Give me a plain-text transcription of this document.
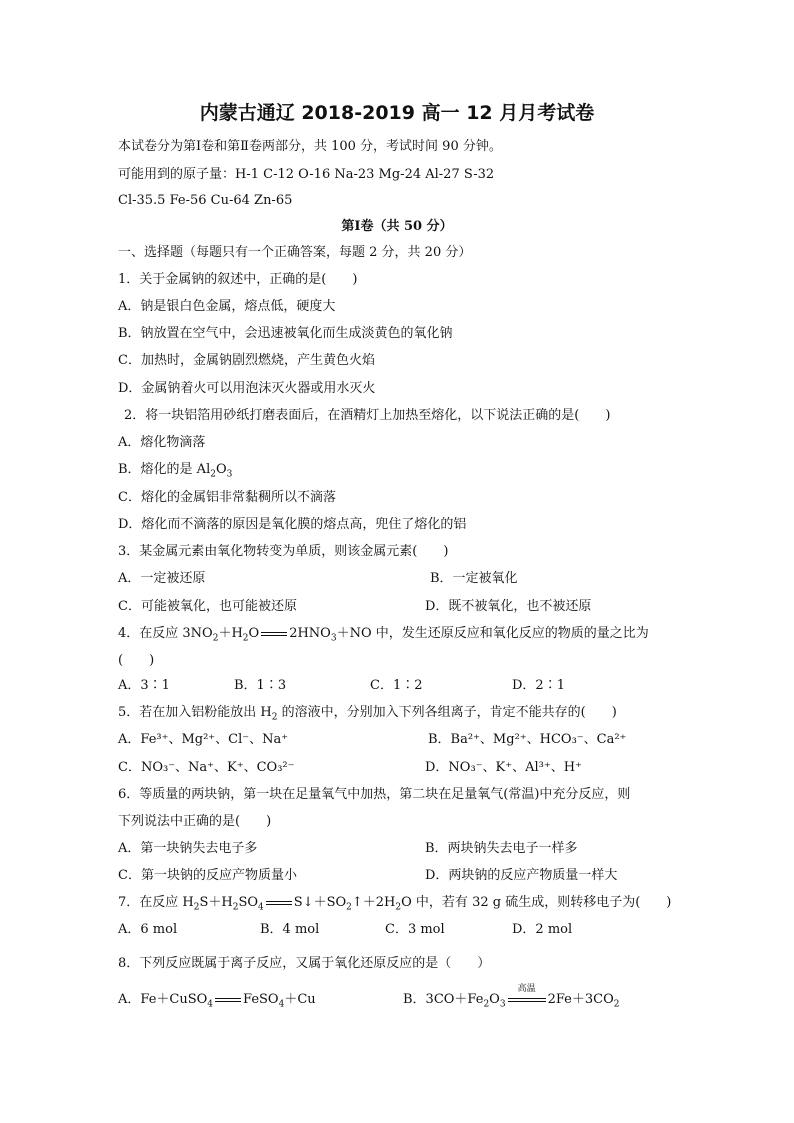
内蒙古通辽 2018-2019 高一 12 月月考试卷
本试卷分为第Ⅰ卷和第Ⅱ卷两部分，共 100 分，考试时间 90 分钟。
可能用到的原子量：H-1 C-12 O-16 Na-23 Mg-24 Al-27 S-32
Cl-35.5 Fe-56 Cu-64 Zn-65
第Ⅰ卷（共 50 分）
一、选择题（每题只有一个正确答案，每题 2 分，共 20 分）
1．关于金属钠的叙述中，正确的是(　　)
A．钠是银白色金属，熔点低，硬度大
B．钠放置在空气中，会迅速被氧化而生成淡黄色的氧化钠
C．加热时，金属钠剧烈燃烧，产生黄色火焰
D．金属钠着火可以用泡沫灭火器或用水灭火
2．将一块铝箔用砂纸打磨表面后，在酒精灯上加热至熔化，以下说法正确的是(　　)
A．熔化物滴落
B．熔化的是 $Al_2O_3$
C．熔化的金属铝非常黏稠所以不滴落
D．熔化而不滴落的原因是氧化膜的熔点高，兜住了熔化的铝
3．某金属元素由氧化物转变为单质，则该金属元素(　　)
A．一定被还原	B．一定被氧化
C．可能被氧化，也可能被还原	D．既不被氧化，也不被还原
4．在反应 $3NO_2+H_2O$ $2HNO_3+NO$ 中，发生还原反应和氧化反应的物质的量之比为
(　　)
A．3∶1	B．1∶3	C．1∶2	D．2∶1
5．若在加入铝粉能放出 $H_2$ 的溶液中，分别加入下列各组离子，肯定不能共存的(　　)
A．Fe³⁺、Mg²⁺、Cl⁻、Na⁺	B．Ba²⁺、Mg²⁺、HCO₃⁻、Ca²⁺
C．NO₃⁻、Na⁺、K⁺、CO₃²⁻	D．NO₃⁻、K⁺、Al³⁺、H⁺
6．等质量的两块钠，第一块在足量氧气中加热，第二块在足量氧气(常温)中充分反应，则
下列说法中正确的是(　　)
A．第一块钠失去电子多	B．两块钠失去电子一样多
C．第一块钠的反应产物质量小	D．两块钠的反应产物质量一样大
7．在反应 $H_2S+H_2SO_4$ $S↓+SO_2↑+2H_2O$ 中，若有 32 g 硫生成，则转移电子为(　　)
A．6 mol	B．4 mol	C．3 mol	D．2 mol
8．下列反应既属于离子反应，又属于氧化还原反应的是（　　）
A．Fe＋CuSO$_4$ FeSO$_4$＋Cu	B．$3CO+Fe_2O_3$
高温
$2Fe+3CO_2$
